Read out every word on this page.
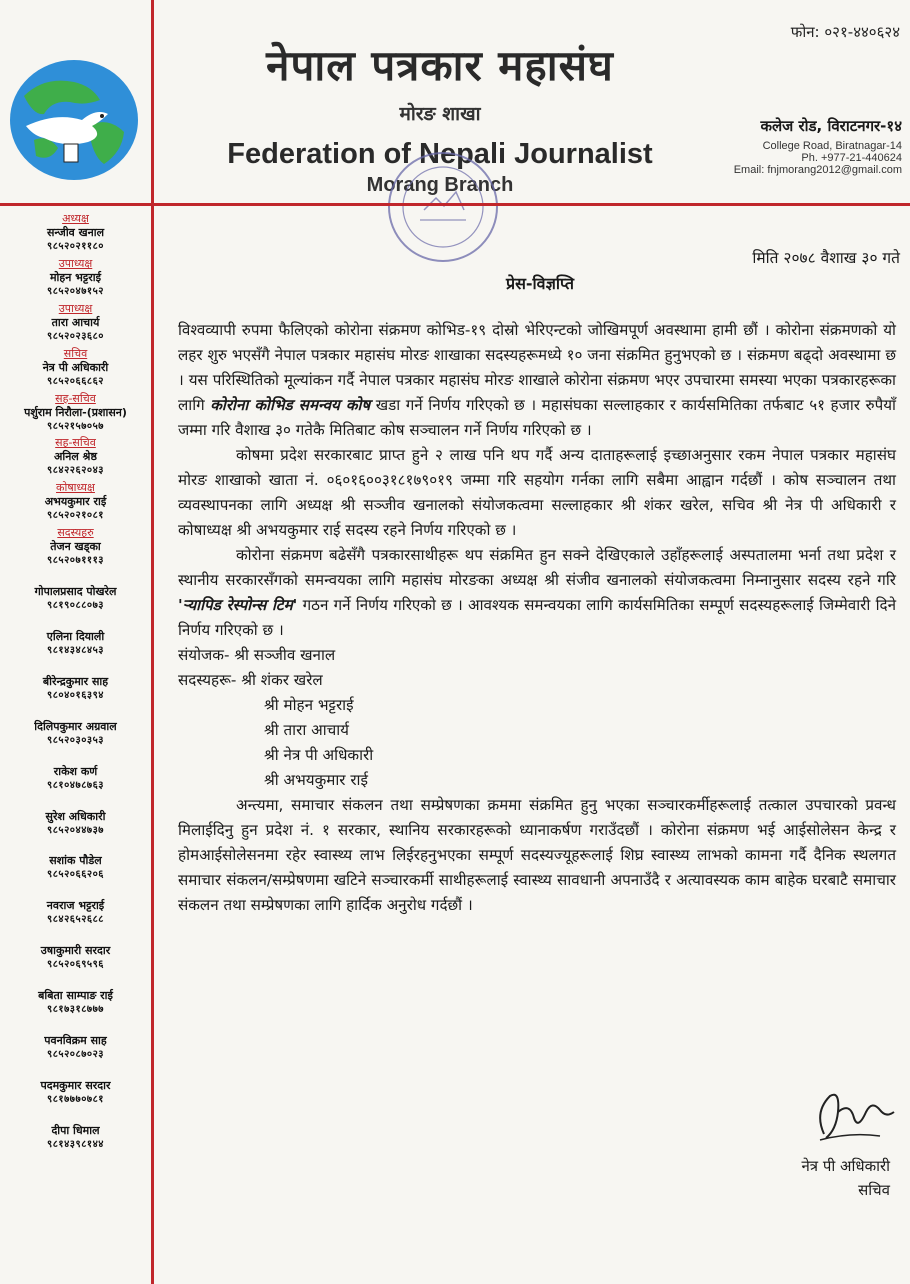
नेपाल पत्रकार महासंघ
मोरङ शाखा
Federation of Nepali Journalist
Morang Branch
फोन: ०२१-४४०६२४
कलेज रोड, विराटनगर-१४
College Road, Biratnagar-14
Ph. +977-21-440624
Email: fnjmorang2012@gmail.com
अध्यक्ष
सन्जीव खनाल
९८५२०२११८०
उपाध्यक्ष
मोहन भट्टराई
९८५२०४७१५२
उपाध्यक्ष
तारा आचार्य
९८५२०२३६८०
सचिव
नेत्र पी अधिकारी
९८५२०६६८६२
सह-सचिव
पर्शुराम निरौला-(प्रशासन)
९८५२१५७०५७
सह-सचिव
अनिल श्रेष्ठ
९८४२२६२०४३
कोषाध्यक्ष
अभयकुमार राई
९८५२०२१०८१
सदस्यहरु
तेजन खड्का
९८५२०७१११३
गोपालप्रसाद पोखरेल
९८१९०८८०७३
एलिना दियाली
९८१४३४८४५३
बीरेन्द्रकुमार साह
९८०४०१६३९४
दिलिपकुमार अग्रवाल
९८५२०३०३५३
राकेश कर्ण
९८१०४७८७६३
सुरेश अधिकारी
९८५२०४४७३७
सशांक पौडेल
९८५२०६६२०६
नवराज भट्टराई
९८४२६५२६८८
उषाकुमारी सरदार
९८५२०६९५९६
बबिता साम्पाङ राई
९८१७३१८७७७
पवनविक्रम साह
९८५२०८७०२३
पदमकुमार सरदार
९८१७७७०७८१
दीपा धिमाल
९८१४३९८१४४
मिति २०७८ वैशाख ३० गते
प्रेस-विज्ञप्ति

विश्वव्यापी रुपमा फैलिएको कोरोना संक्रमण कोभिड-१९ दोस्रो भेरिएन्टको जोखिमपूर्ण अवस्थामा हामी छौं । कोरोना संक्रमणको यो लहर शुरु भएसँगै नेपाल पत्रकार महासंघ मोरङ शाखाका सदस्यहरूमध्ये १० जना संक्रमित हुनुभएको छ । संक्रमण बढ्दो अवस्थामा छ । यस परिस्थितिको मूल्यांकन गर्दै नेपाल पत्रकार महासंघ मोरङ शाखाले कोरोना संक्रमण भएर उपचारमा समस्या भएका पत्रकारहरूका लागि कोरोना कोभिड समन्वय कोष खडा गर्ने निर्णय गरिएको छ । महासंघका सल्लाहकार र कार्यसमितिका तर्फबाट ५१ हजार रुपैयाँ जम्मा गरि वैशाख ३० गतेकै मितिबाट कोष सञ्चालन गर्ने निर्णय गरिएको छ ।

कोषमा प्रदेश सरकारबाट प्राप्त हुने २ लाख पनि थप गर्दै अन्य दाताहरूलाई इच्छाअनुसार रकम नेपाल पत्रकार महासंघ मोरङ शाखाको खाता नं. ०६०१६००३१८१७९०१९ जम्मा गरि सहयोग गर्नका लागि सबैमा आह्वान गर्दछौं । कोष सञ्चालन तथा व्यवस्थापनका लागि अध्यक्ष श्री सञ्जीव खनालको संयोजकत्वमा सल्लाहकार श्री शंकर खरेल, सचिव श्री नेत्र पी अधिकारी र कोषाध्यक्ष श्री अभयकुमार राई सदस्य रहने निर्णय गरिएको छ ।

कोरोना संक्रमण बढेसँगै पत्रकारसाथीहरू थप संक्रमित हुन सक्ने देखिएकाले उहाँहरूलाई अस्पतालमा भर्ना तथा प्रदेश र स्थानीय सरकारसँगको समन्वयका लागि महासंघ मोरङका अध्यक्ष श्री संजीव खनालको संयोजकत्वमा निम्नानुसार सदस्य रहने गरि 'र्‍यापिड रेस्पोन्स टिम' गठन गर्ने निर्णय गरिएको छ । आवश्यक समन्वयका लागि कार्यसमितिका सम्पूर्ण सदस्यहरूलाई जिम्मेवारी दिने निर्णय गरिएको छ ।

संयोजक- श्री सञ्जीव खनाल

सदस्यहरू- श्री शंकर खरेल

श्री मोहन भट्टराई

श्री तारा आचार्य

श्री नेत्र पी अधिकारी

श्री अभयकुमार राई

अन्त्यमा, समाचार संकलन तथा सम्प्रेषणका क्रममा संक्रमित हुनु भएका सञ्चारकर्मीहरूलाई तत्काल उपचारको प्रवन्ध मिलाईदिनु हुन प्रदेश नं. १ सरकार, स्थानिय सरकारहरूको ध्यानाकर्षण गराउँदछौं । कोरोना संक्रमण भई आईसोलेसन केन्द्र र होमआईसोलेसनमा रहेर स्वास्थ्य लाभ लिईरहनुभएका सम्पूर्ण सदस्यज्यूहरूलाई शिघ्र स्वास्थ्य लाभको कामना गर्दै दैनिक स्थलगत समाचार संकलन/सम्प्रेषणमा खटिने सञ्चारकर्मी साथीहरूलाई स्वास्थ्य सावधानी अपनाउँदै र अत्यावस्यक काम बाहेक घरबाटै समाचार संकलन तथा सम्प्रेषणका लागि हार्दिक अनुरोध गर्दछौं ।

नेत्र पी अधिकारी
सचिव
